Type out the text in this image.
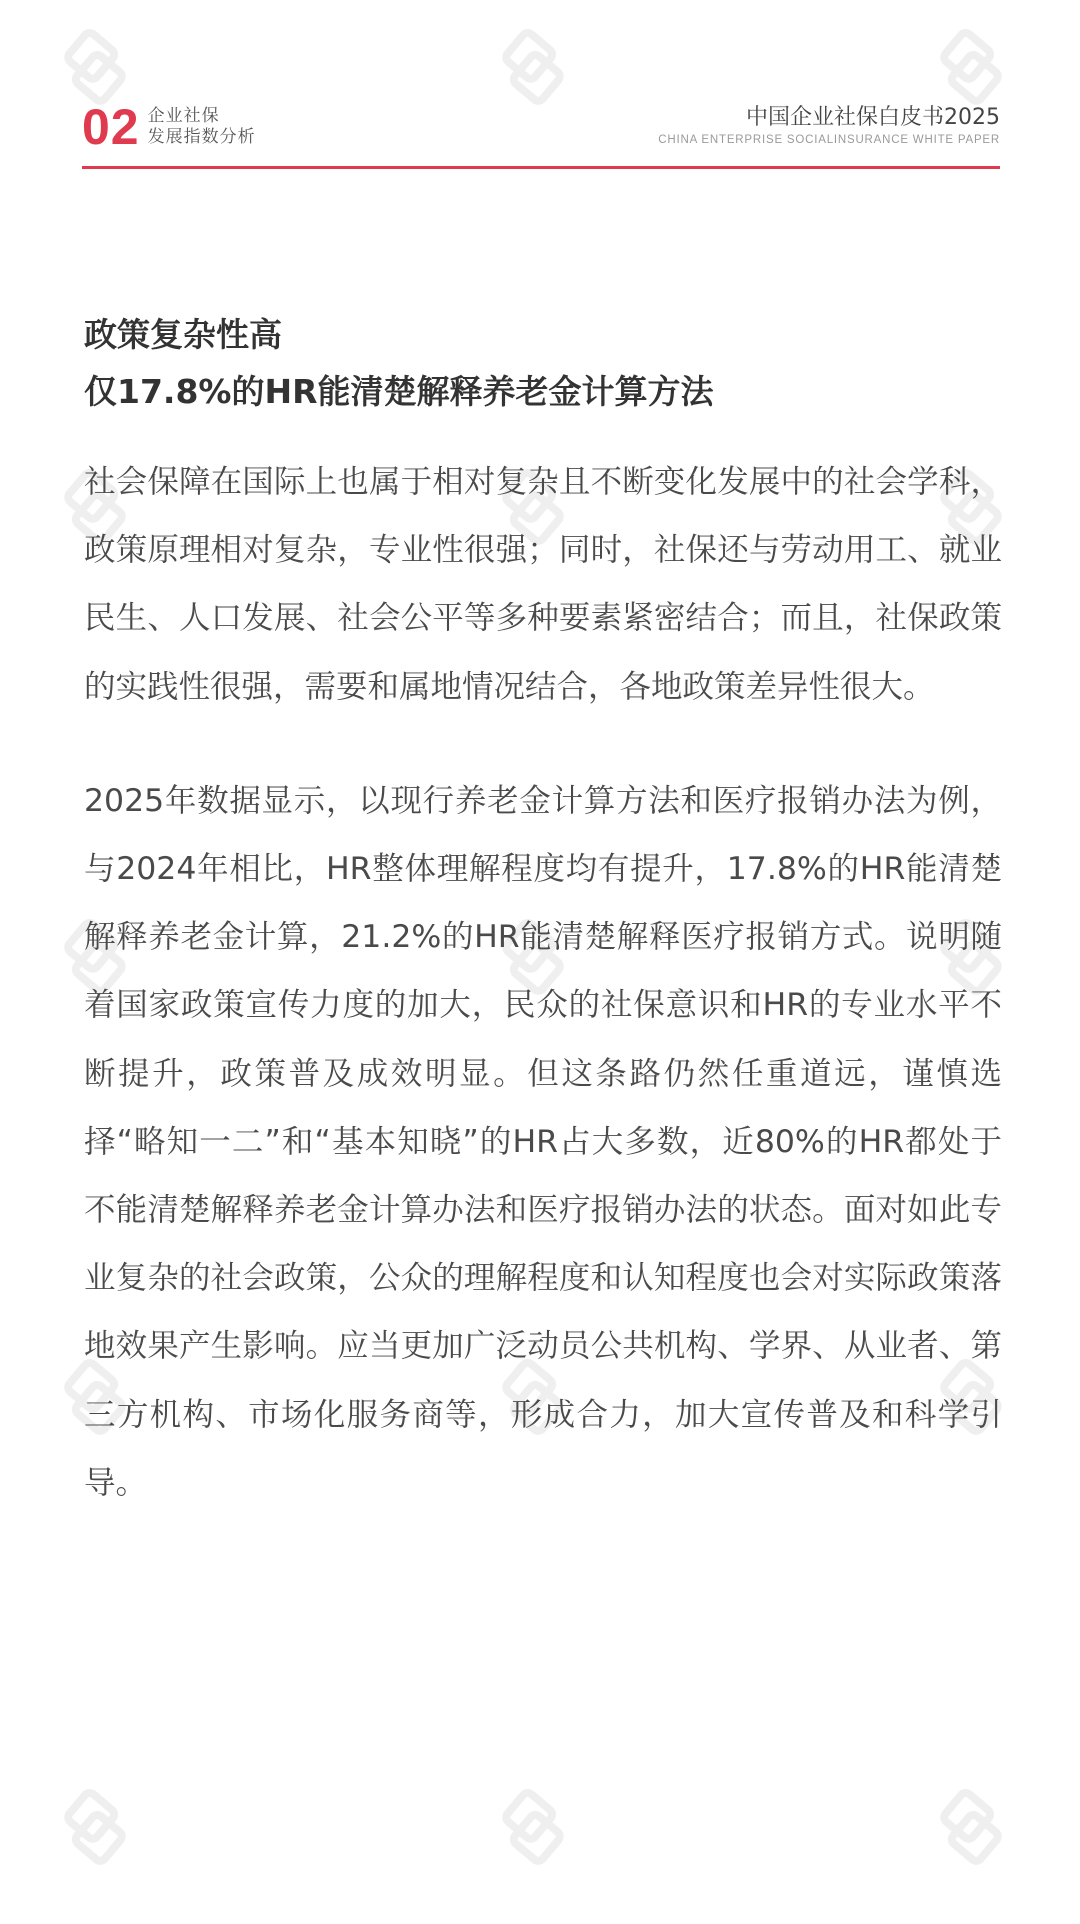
02 企业社保
发展指数分析
中国企业社保白皮书2025
CHINA ENTERPRISE SOCIALINSURANCE WHITE PAPER
政策复杂性高
仅17.8%的HR能清楚解释养老金计算方法

社会保障在国际上也属于相对复杂且不断变化发展中的社会学科，政策原理相对复杂，专业性很强；同时，社保还与劳动用工、就业民生、人口发展、社会公平等多种要素紧密结合；而且，社保政策的实践性很强，需要和属地情况结合，各地政策差异性很大。

2025年数据显示，以现行养老金计算方法和医疗报销办法为例，与2024年相比，HR整体理解程度均有提升，17.8%的HR能清楚解释养老金计算，21.2%的HR能清楚解释医疗报销方式。说明随着国家政策宣传力度的加大，民众的社保意识和HR的专业水平不断提升，政策普及成效明显。但这条路仍然任重道远，谨慎选择“略知一二”和“基本知晓”的HR占大多数，近80%的HR都处于不能清楚解释养老金计算办法和医疗报销办法的状态。面对如此专业复杂的社会政策，公众的理解程度和认知程度也会对实际政策落地效果产生影响。应当更加广泛动员公共机构、学界、从业者、第三方机构、市场化服务商等，形成合力，加大宣传普及和科学引导。
